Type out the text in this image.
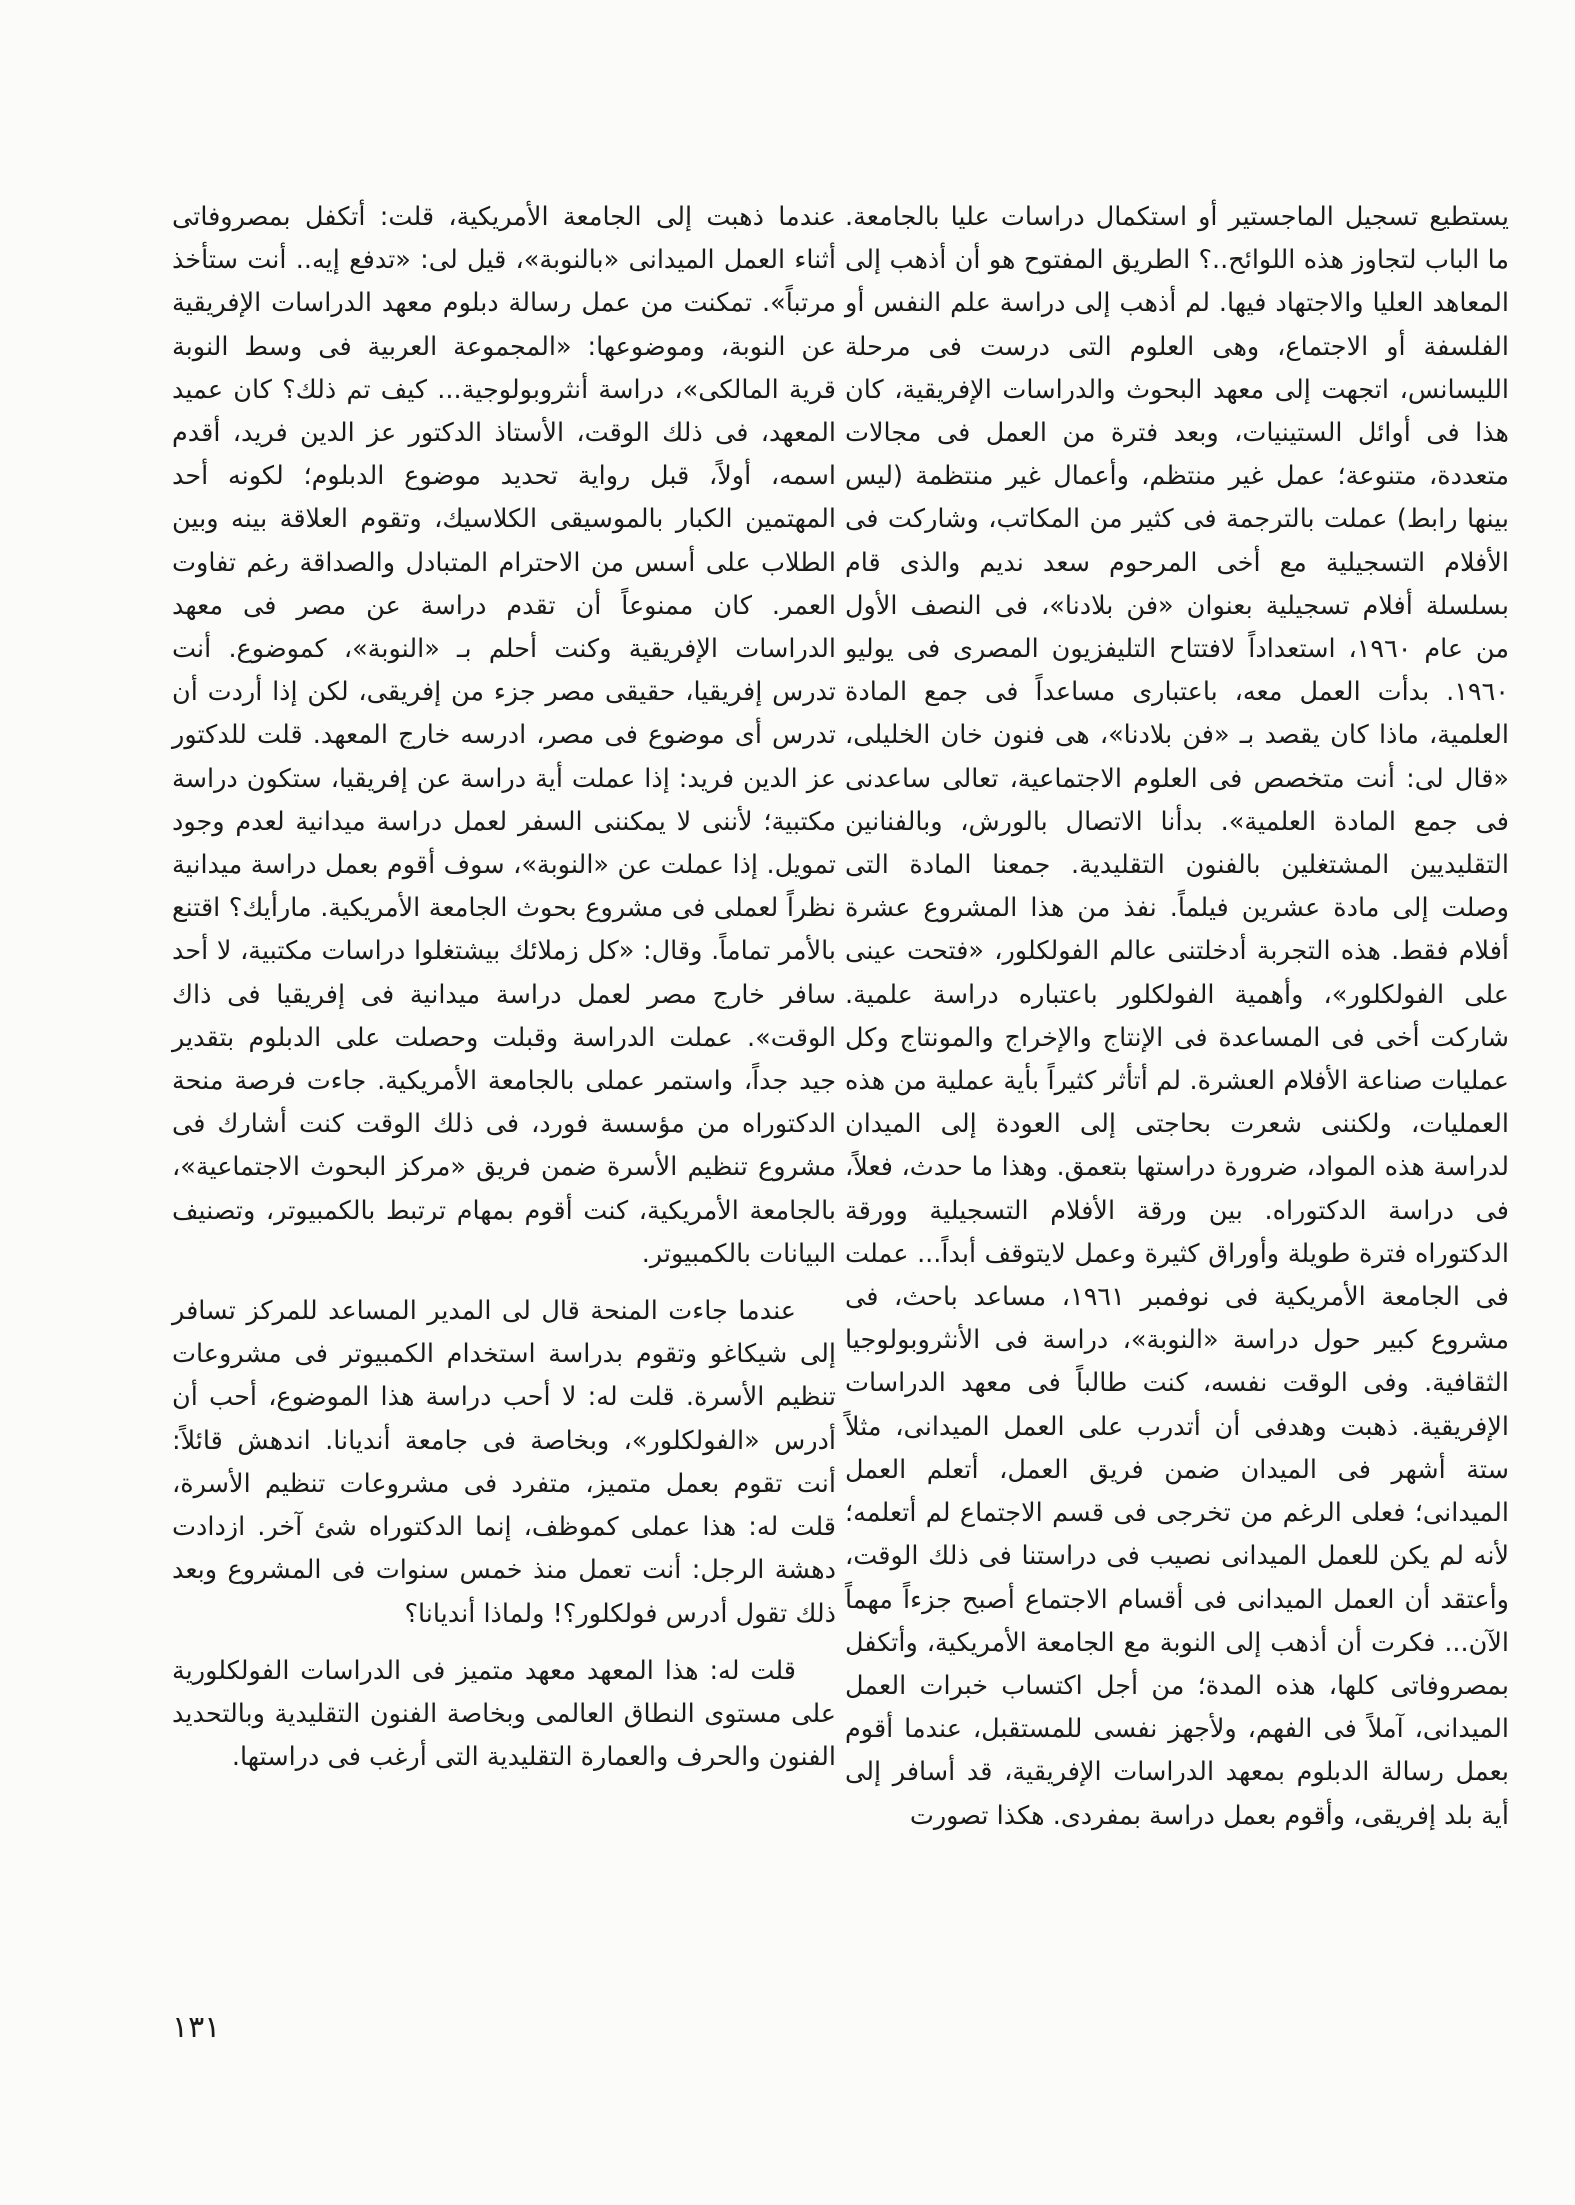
يستطيع تسجيل الماجستير أو استكمال دراسات عليا بالجامعة. ما الباب لتجاوز هذه اللوائح..؟ الطريق المفتوح هو أن أذهب إلى المعاهد العليا والاجتهاد فيها. لم أذهب إلى دراسة علم النفس أو الفلسفة أو الاجتماع، وهى العلوم التى درست فى مرحلة الليسانس، اتجهت إلى معهد البحوث والدراسات الإفريقية، كان هذا فى أوائل الستينيات، وبعد فترة من العمل فى مجالات متعددة، متنوعة؛ عمل غير منتظم، وأعمال غير منتظمة (ليس بينها رابط) عملت بالترجمة فى كثير من المكاتب، وشاركت فى الأفلام التسجيلية مع أخى المرحوم سعد نديم والذى قام بسلسلة أفلام تسجيلية بعنوان «فن بلادنا»، فى النصف الأول من عام ١٩٦٠، استعداداً لافتتاح التليفزيون المصرى فى يوليو ١٩٦٠. بدأت العمل معه، باعتبارى مساعداً فى جمع المادة العلمية، ماذا كان يقصد بـ «فن بلادنا»، هى فنون خان الخليلى، «قال لى: أنت متخصص فى العلوم الاجتماعية، تعالى ساعدنى فى جمع المادة العلمية». بدأنا الاتصال بالورش، وبالفنانين التقليديين المشتغلين بالفنون التقليدية. جمعنا المادة التى وصلت إلى مادة عشرين فيلماً. نفذ من هذا المشروع عشرة أفلام فقط. هذه التجربة أدخلتنى عالم الفولكلور، «فتحت عينى على الفولكلور»، وأهمية الفولكلور باعتباره دراسة علمية. شاركت أخى فى المساعدة فى الإنتاج والإخراج والمونتاج وكل عمليات صناعة الأفلام العشرة. لم أتأثر كثيراً بأية عملية من هذه العمليات، ولكننى شعرت بحاجتى إلى العودة إلى الميدان لدراسة هذه المواد، ضرورة دراستها بتعمق. وهذا ما حدث، فعلاً، فى دراسة الدكتوراه. بين ورقة الأفلام التسجيلية وورقة الدكتوراه فترة طويلة وأوراق كثيرة وعمل لايتوقف أبداً... عملت فى الجامعة الأمريكية فى نوفمبر ١٩٦١، مساعد باحث، فى مشروع كبير حول دراسة «النوبة»، دراسة فى الأنثروبولوجيا الثقافية. وفى الوقت نفسه، كنت طالباً فى معهد الدراسات الإفريقية. ذهبت وهدفى أن أتدرب على العمل الميدانى، مثلاً ستة أشهر فى الميدان ضمن فريق العمل، أتعلم العمل الميدانى؛ فعلى الرغم من تخرجى فى قسم الاجتماع لم أتعلمه؛ لأنه لم يكن للعمل الميدانى نصيب فى دراستنا فى ذلك الوقت، وأعتقد أن العمل الميدانى فى أقسام الاجتماع أصبح جزءاً مهماً الآن... فكرت أن أذهب إلى النوبة مع الجامعة الأمريكية، وأتكفل بمصروفاتى كلها، هذه المدة؛ من أجل اكتساب خبرات العمل الميدانى، آملاً فى الفهم، ولأجهز نفسى للمستقبل، عندما أقوم بعمل رسالة الدبلوم بمعهد الدراسات الإفريقية، قد أسافر إلى أية بلد إفريقى، وأقوم بعمل دراسة بمفردى. هكذا تصورت

عندما ذهبت إلى الجامعة الأمريكية، قلت: أتكفل بمصروفاتى أثناء العمل الميدانى «بالنوبة»، قيل لى: «تدفع إيه.. أنت ستأخذ مرتباً». تمكنت من عمل رسالة دبلوم معهد الدراسات الإفريقية عن النوبة، وموضوعها: «المجموعة العربية فى وسط النوبة قرية المالكى»، دراسة أنثروبولوجية... كيف تم ذلك؟ كان عميد المعهد، فى ذلك الوقت، الأستاذ الدكتور عز الدين فريد، أقدم اسمه، أولاً، قبل رواية تحديد موضوع الدبلوم؛ لكونه أحد المهتمين الكبار بالموسيقى الكلاسيك، وتقوم العلاقة بينه وبين الطلاب على أسس من الاحترام المتبادل والصداقة رغم تفاوت العمر. كان ممنوعاً أن تقدم دراسة عن مصر فى معهد الدراسات الإفريقية وكنت أحلم بـ «النوبة»، كموضوع. أنت تدرس إفريقيا، حقيقى مصر جزء من إفريقى، لكن إذا أردت أن تدرس أى موضوع فى مصر، ادرسه خارج المعهد. قلت للدكتور عز الدين فريد: إذا عملت أية دراسة عن إفريقيا، ستكون دراسة مكتبية؛ لأننى لا يمكننى السفر لعمل دراسة ميدانية لعدم وجود تمويل. إذا عملت عن «النوبة»، سوف أقوم بعمل دراسة ميدانية نظراً لعملى فى مشروع بحوث الجامعة الأمريكية. مارأيك؟ اقتنع بالأمر تماماً. وقال: «كل زملائك بيشتغلوا دراسات مكتبية، لا أحد سافر خارج مصر لعمل دراسة ميدانية فى إفريقيا فى ذاك الوقت». عملت الدراسة وقبلت وحصلت على الدبلوم بتقدير جيد جداً، واستمر عملى بالجامعة الأمريكية. جاءت فرصة منحة الدكتوراه من مؤسسة فورد، فى ذلك الوقت كنت أشارك فى مشروع تنظيم الأسرة ضمن فريق «مركز البحوث الاجتماعية»، بالجامعة الأمريكية، كنت أقوم بمهام ترتبط بالكمبيوتر، وتصنيف البيانات بالكمبيوتر.

عندما جاءت المنحة قال لى المدير المساعد للمركز تسافر إلى شيكاغو وتقوم بدراسة استخدام الكمبيوتر فى مشروعات تنظيم الأسرة. قلت له: لا أحب دراسة هذا الموضوع، أحب أن أدرس «الفولكلور»، وبخاصة فى جامعة أنديانا. اندهش قائلاً: أنت تقوم بعمل متميز، متفرد فى مشروعات تنظيم الأسرة، قلت له: هذا عملى كموظف، إنما الدكتوراه شئ آخر. ازدادت دهشة الرجل: أنت تعمل منذ خمس سنوات فى المشروع وبعد ذلك تقول أدرس فولكلور؟! ولماذا أنديانا؟

قلت له: هذا المعهد معهد متميز فى الدراسات الفولكلورية على مستوى النطاق العالمى وبخاصة الفنون التقليدية وبالتحديد الفنون والحرف والعمارة التقليدية التى أرغب فى دراستها.

١٣١
